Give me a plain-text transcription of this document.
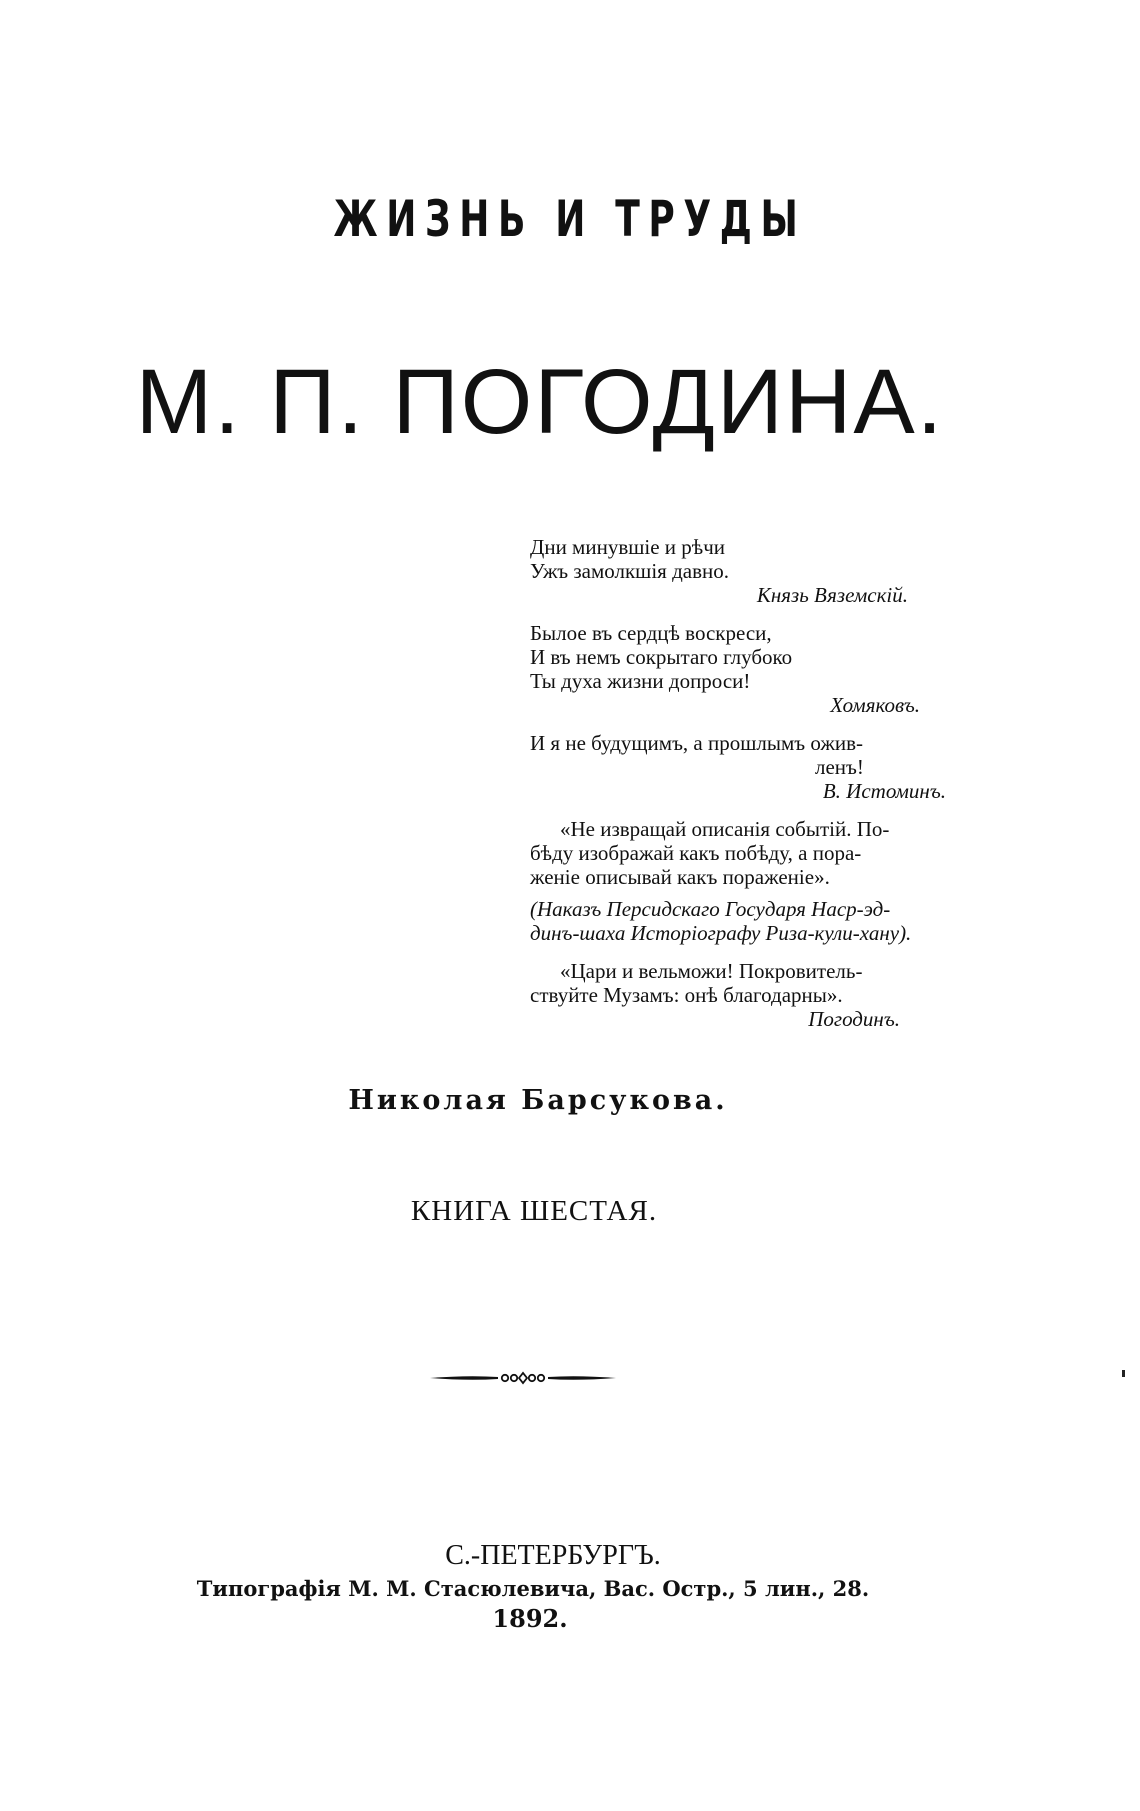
ЖИЗНЬ И ТРУДЫ
М. П. ПОГОДИНА.
Дни минувшіе и рѣчи
Ужъ замолкшія давно.
Князь Вяземскій.
Былое въ сердцѣ воскреси,
И въ немъ сокрытаго глубоко
Ты духа жизни допроси!
Хомяковъ.
И я не будущимъ, а прошлымъ ожив-
ленъ!
В. Истоминъ.
«Не извращай описанія событій. По-
бѣду изображай какъ побѣду, а пора-
женіе описывай какъ пораженіе».
(Наказъ Персидскаго Государя Наср-эд-
динъ-шаха Исторіографу Риза-кули-хану).
«Цари и вельможи! Покровитель-
ствуйте Музамъ: онѣ благодарны».
Погодинъ.
Николая Барсукова.
КНИГА ШЕСТАЯ.
С.-ПЕТЕРБУРГЪ.
Типографія М. М. Стасюлевича, Вас. Остр., 5 лин., 28.
1892.
